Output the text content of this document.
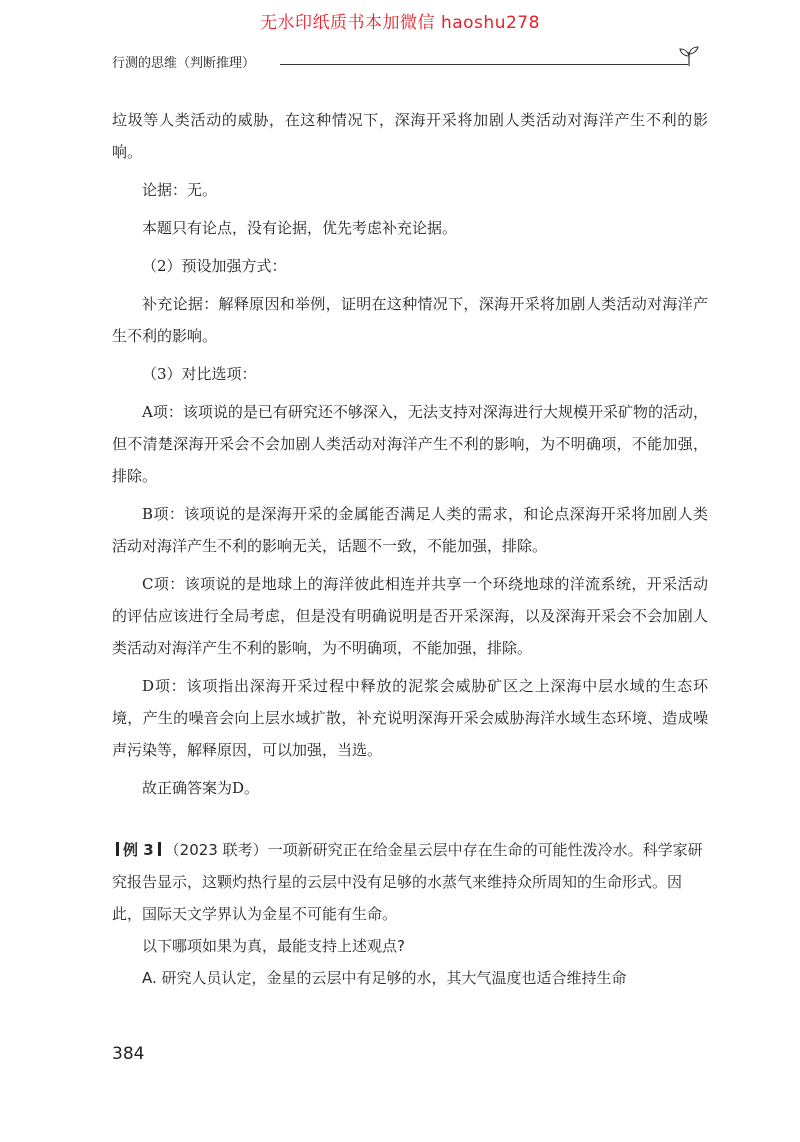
无水印纸质书本加微信 haoshu278
行测的思维（判断推理）

垃圾等人类活动的威胁，在这种情况下，深海开采将加剧人类活动对海洋产生不利的影响。

论据：无。

本题只有论点，没有论据，优先考虑补充论据。

（2）预设加强方式：

补充论据：解释原因和举例，证明在这种情况下，深海开采将加剧人类活动对海洋产生不利的影响。

（3）对比选项：

A项：该项说的是已有研究还不够深入，无法支持对深海进行大规模开采矿物的活动，但不清楚深海开采会不会加剧人类活动对海洋产生不利的影响，为不明确项，不能加强，排除。

B项：该项说的是深海开采的金属能否满足人类的需求，和论点深海开采将加剧人类活动对海洋产生不利的影响无关，话题不一致，不能加强，排除。

C项：该项说的是地球上的海洋彼此相连并共享一个环绕地球的洋流系统，开采活动的评估应该进行全局考虑，但是没有明确说明是否开采深海，以及深海开采会不会加剧人类活动对海洋产生不利的影响，为不明确项，不能加强，排除。

D项：该项指出深海开采过程中释放的泥浆会威胁矿区之上深海中层水域的生态环境，产生的噪音会向上层水域扩散，补充说明深海开采会威胁海洋水域生态环境、造成噪声污染等，解释原因，可以加强，当选。

故正确答案为D。

例 3 （2023 联考）一项新研究正在给金星云层中存在生命的可能性泼冷水。科学家研究报告显示，这颗灼热行星的云层中没有足够的水蒸气来维持众所周知的生命形式。因此，国际天文学界认为金星不可能有生命。

以下哪项如果为真，最能支持上述观点?

A. 研究人员认定，金星的云层中有足够的水，其大气温度也适合维持生命

384
